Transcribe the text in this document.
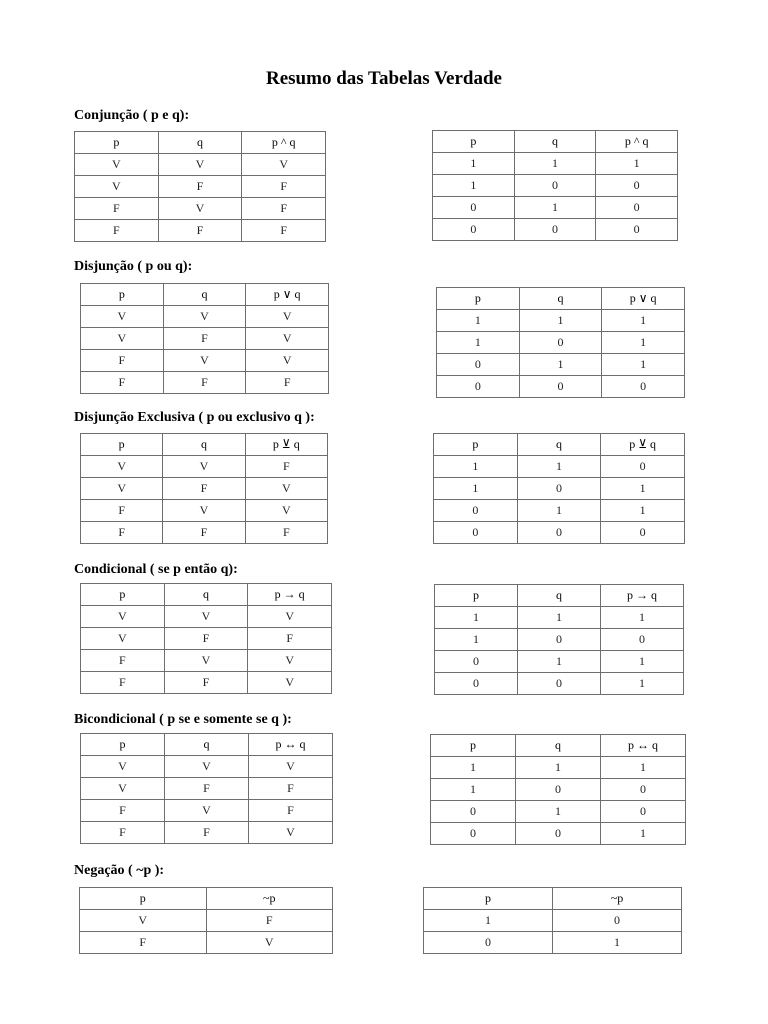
Resumo das Tabelas Verdade

Conjunção ( p e q):

p	q	p ^ q
V	V	V
V	F	F
F	V	F
F	F	F
p	q	p ^ q
1	1	1
1	0	0
0	1	0
0	0	0

Disjunção ( p ou q):

p	q	p ∨ q
V	V	V
V	F	V
F	V	V
F	F	F
p	q	p ∨ q
1	1	1
1	0	1
0	1	1
0	0	0

Disjunção Exclusiva ( p ou exclusivo q ):

p	q	p ⊻ q
V	V	F
V	F	V
F	V	V
F	F	F
p	q	p ⊻ q
1	1	0
1	0	1
0	1	1
0	0	0

Condicional ( se p então q):

p	q	p → q
V	V	V
V	F	F
F	V	V
F	F	V
p	q	p → q
1	1	1
1	0	0
0	1	1
0	0	1

Bicondicional ( p se e somente se q ):

p	q	p ↔ q
V	V	V
V	F	F
F	V	F
F	F	V
p	q	p ↔ q
1	1	1
1	0	0
0	1	0
0	0	1

Negação ( ~p ):

p	~p
V	F
F	V
p	~p
1	0
0	1
